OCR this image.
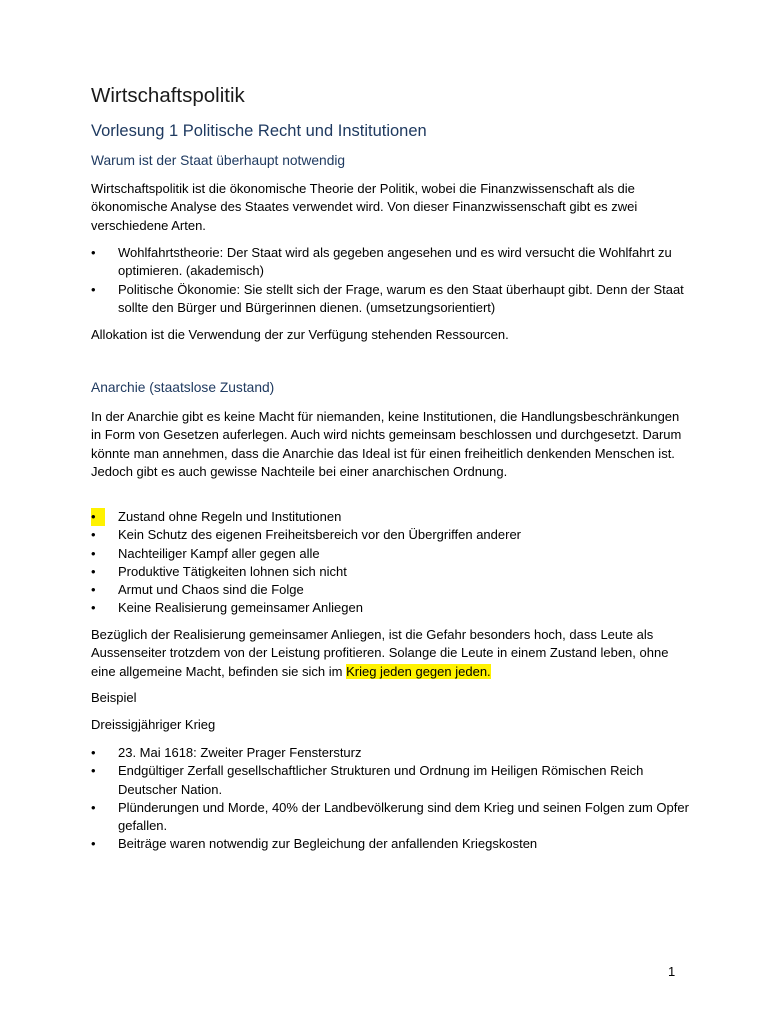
Wirtschaftspolitik
Vorlesung 1 Politische Recht und Institutionen
Warum ist der Staat überhaupt notwendig

Wirtschaftspolitik ist die ökonomische Theorie der Politik, wobei die Finanzwissenschaft als die ökonomische Analyse des Staates verwendet wird. Von dieser Finanzwissenschaft gibt es zwei verschiedene Arten.

•	Wohlfahrtstheorie: Der Staat wird als gegeben angesehen und es wird versucht die Wohlfahrt zu optimieren. (akademisch)
•	Politische Ökonomie: Sie stellt sich der Frage, warum es den Staat überhaupt gibt. Denn der Staat sollte den Bürger und Bürgerinnen dienen. (umsetzungsorientiert)

Allokation ist die Verwendung der zur Verfügung stehenden Ressourcen.

Anarchie (staatslose Zustand)

In der Anarchie gibt es keine Macht für niemanden, keine Institutionen, die Handlungsbeschränkungen in Form von Gesetzen auferlegen. Auch wird nichts gemeinsam beschlossen und durchgesetzt. Darum könnte man annehmen, dass die Anarchie das Ideal ist für einen freiheitlich denkenden Menschen ist. Jedoch gibt es auch gewisse Nachteile bei einer anarchischen Ordnung.

•	Zustand ohne Regeln und Institutionen
•	Kein Schutz des eigenen Freiheitsbereich vor den Übergriffen anderer
•	Nachteiliger Kampf aller gegen alle
•	Produktive Tätigkeiten lohnen sich nicht
•	Armut und Chaos sind die Folge
•	Keine Realisierung gemeinsamer Anliegen

Bezüglich der Realisierung gemeinsamer Anliegen, ist die Gefahr besonders hoch, dass Leute als Aussenseiter trotzdem von der Leistung profitieren. Solange die Leute in einem Zustand leben, ohne eine allgemeine Macht, befinden sie sich im Krieg jeden gegen jeden.

Beispiel

Dreissigjähriger Krieg

•	23. Mai 1618: Zweiter Prager Fenstersturz
•	Endgültiger Zerfall gesellschaftlicher Strukturen und Ordnung im Heiligen Römischen Reich Deutscher Nation.
•	Plünderungen und Morde, 40% der Landbevölkerung sind dem Krieg und seinen Folgen zum Opfer gefallen.
•	Beiträge waren notwendig zur Begleichung der anfallenden Kriegskosten
1
